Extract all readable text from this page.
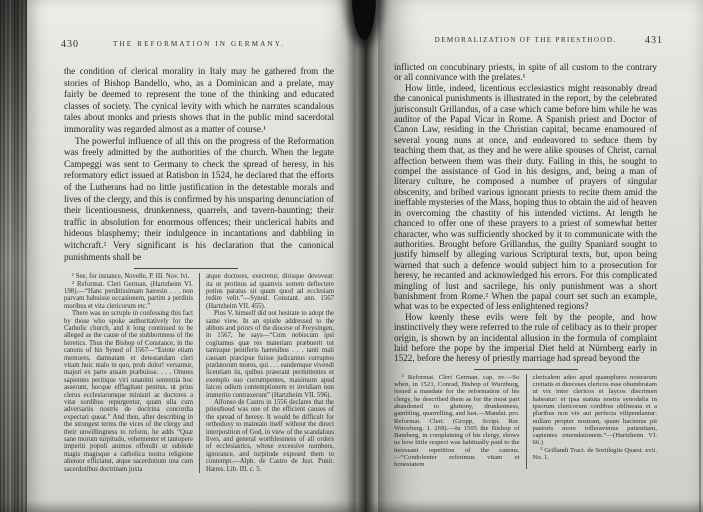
430	THE REFORMATION IN GERMANY.

the condition of clerical morality in Italy may be gathered from the stories of Bishop Bandello, who, as a Dominican and a prelate, may fairly be deemed to represent the tone of the thinking and educated classes of society. The cynical levity with which he narrates scandalous tales about monks and priests shows that in the public mind sacerdotal immorality was regarded almost as a matter of course.¹

The powerful influence of all this on the progress of the Reformation was freely admitted by the authorities of the church. When the legate Campeggi was sent to Germany to check the spread of heresy, in his reformatory edict issued at Ratisbon in 1524, he declared that the efforts of the Lutherans had no little justification in the detestable morals and lives of the clergy, and this is confirmed by his unsparing denunciation of their licentiousness, drunkenness, quarrels, and tavern-haunting; their traffic in absolution for enormous offences; their unclerical habits and hideous blasphemy; their indulgence in incantations and dabbling in witchcraft.² Very significant is his declaration that the canonical punishments shall be

¹ See, for instance, Novelle, P. III. Nov. lvi.

² Reformat. Cleri German. (Hartzheim VI. 198).—“Hanc perditissimam hæresin . . . non parvam habuisse occasionem, partim a perditis moribus et vita clericorum etc.”

There was no scruple in confessing this fact by those who spoke authoritatively for the Catholic church, and it long continued to be alleged as the cause of the stubbornness of the heretics. Thus the Bishop of Constance, in the canons of his Synod of 1567—“Estote etiam memores, damnatam et detestandam cleri vitam huic malo in quo, proh dolor! versamur, majori ex parte ansam præbuisse. . . . Omnes sapientes peritique viri unanimi sententia hoc asserunt, hocque efflagitant penitus, ut prius clerus ecclesiarumque ministri ac doctores a vitæ sordibus repurgentur, quam ulla cum adversariis nostris de doctrina concordia expectari queat.” And then, after describing in the strongest terms the vices of the clergy and their unwillingness to reform, he adds “Quæ sane morum turpitudo, vehementer et tantopere imperiti populi animos offendit ut subinde magis magisque a catholica nostra religione alienior efficiatur, atque sacerdotium una cum sacerdotibus doctrinam juxta

atque doctores, execretur, dirisque devoveat: ita ut protinus ad quamvis sortem deflectere potius paratus sit quam quod ad ecclesiam redire velit.”—Synod. Constant. ann. 1567 (Hartzheim VII. 455).

Pius V. himself did not hesitate to adopt the same view. In an epistle addressed to the abbots and priors of the diocese of Freysingen, in 1567, he says—“Cum nobiscum ipsi cogitamus quæ res materiam præbuerit tot tantisque pestiferis hæresibus . . . tanti mali causam præcipue fuisse judicamus corruptos prælatorum mores, qui . . . eandemque vivendi licentiam iis, quibus præerant permittentes et exemplo suo corrumpentes, maximum apud laicos odium contemptionem et invidiam non immerito contraxerunt” (Hartzheim VII. 596).

Alfonso de Castro in 1556 declares that the priesthood was one of the efficient causes of the spread of heresy. It would be difficult for orthodoxy to maintain itself without the direct interposition of God, in view of the scandalous lives, and general worthlessness of all orders of ecclesiastics, whose excessive numbers, ignorance, and turpitude exposed them to contempt.—Alph. de Castro de Just. Punit. Hæres. Lib. III. c. 5.

DEMORALIZATION OF THE PRIESTHOOD.	431

inflicted on concubinary priests, in spite of all custom to the contrary or all connivance with the prelates.¹

How little, indeed, licentious ecclesiastics might reasonably dread the canonical punishments is illustrated in the report, by the celebrated jurisconsult Grillandus, of a case which came before him while he was auditor of the Papal Vicar in Rome. A Spanish priest and Doctor of Canon Law, residing in the Christian capital, became enamoured of several young nuns at once, and endeavored to seduce them by teaching them that, as they and he were alike spouses of Christ, carnal affection between them was their duty. Failing in this, he sought to compel the assistance of God in his designs, and, being a man of literary culture, he composed a number of prayers of singular obscenity, and bribed various ignorant priests to recite them amid the ineffable mysteries of the Mass, hoping thus to obtain the aid of heaven in overcoming the chastity of his intended victims. At length he chanced to offer one of these prayers to a priest of somewhat better character, who was sufficiently shocked by it to communicate with the authorities. Brought before Grillandus, the guilty Spaniard sought to justify himself by alleging various Scriptural texts, but, upon being warned that such a defence would subject him to a prosecution for heresy, he recanted and acknowledged his errors. For this complicated mingling of lust and sacrilege, his only punishment was a short banishment from Rome.² When the papal court set such an example, what was to be expected of less enlightened regions?

How keenly these evils were felt by the people, and how instinctively they were referred to the rule of celibacy as to their proper origin, is shown by an incidental allusion in the formula of complaint laid before the pope by the imperial Diet held at Nürnberg early in 1522, before the heresy of priestly marriage had spread beyond the

¹ Reformat. Cleri German. cap. xv.—So when, in 1521, Conrad, Bishop of Wurzburg, issued a mandate for the reformation of his clergy, he described them as for the most part abandoned to gluttony, drunkenness, gambling, quarrelling, and lust.—Mandat. pro. Reformat. Cleri. (Gropp, Script. Rer. Wirceburg. I. 269).—In 1505 the Bishop of Bamberg, in complaining of his clergy, shows us how little respect was habitually paid to the incessant repetition of the canons.—“Condolenter referimus vitam et honestatem

clericalem adeo apud quamplures nostrarum civitatis et diœceses clericos esse obumbratam ut vix inter clericos et laycos discrimen habeatur: et ipsa statuta nostra synodalia in ipsorum clericorum cordibus obliterata et a pluribus non vix aut perfecta vilipendantur: nullam propter nostram, quam hactenus pii pastoris more tolleravimus patientiam, capientes emendationem.”—(Hartzheim VI. 66.)

² Grillandi Tract. de Sortilegiis Quæst. xvii. No. 1.
